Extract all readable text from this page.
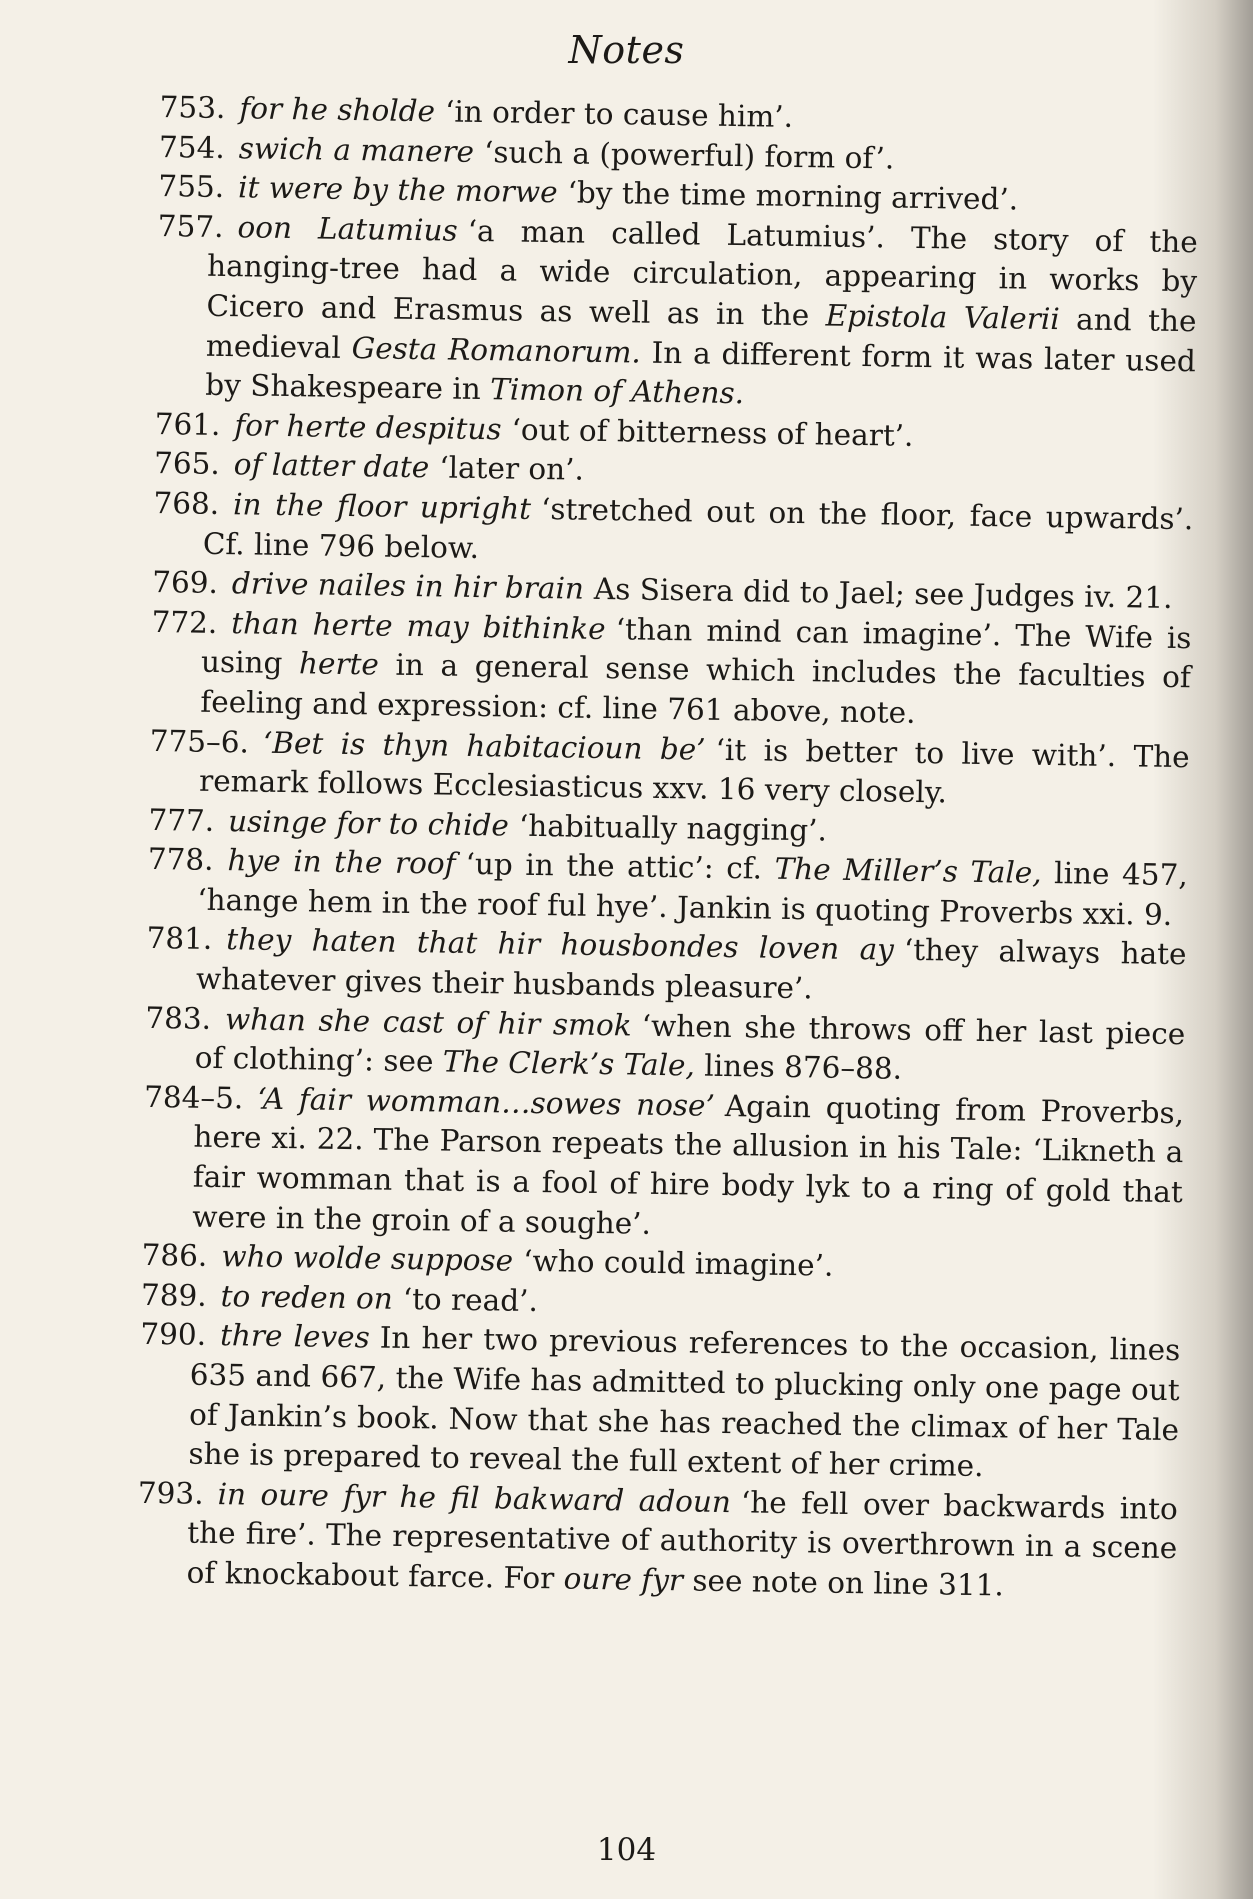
Notes

753. for he sholde ‘in order to cause him’.

754. swich a manere ‘such a (powerful) form of’.

755. it were by the morwe ‘by the time morning arrived’.

757. oon Latumius ‘a man called Latumius’. The story of the hanging-tree had a wide circulation, appearing in works by Cicero and Erasmus as well as in the Epistola Valerii and the medieval Gesta Romanorum. In a different form it was later used by Shakespeare in Timon of Athens.

761. for herte despitus ‘out of bitterness of heart’.

765. of latter date ‘later on’.

768. in the floor upright ‘stretched out on the floor, face upwards’. Cf. line 796 below.

769. drive nailes in hir brain As Sisera did to Jael; see Judges iv. 21.

772. than herte may bithinke ‘than mind can imagine’. The Wife is using herte in a general sense which includes the faculties of feeling and expression: cf. line 761 above, note.

775–6. ‘Bet is thyn habitacioun be’ ‘it is better to live with’. The remark follows Ecclesiasticus xxv. 16 very closely.

777. usinge for to chide ‘habitually nagging’.

778. hye in the roof ‘up in the attic’: cf. The Miller’s Tale, line 457, ‘hange hem in the roof ful hye’. Jankin is quoting Proverbs xxi. 9.

781. they haten that hir housbondes loven ay ‘they always hate whatever gives their husbands pleasure’.

783. whan she cast of hir smok ‘when she throws off her last piece of clothing’: see The Clerk’s Tale, lines 876–88.

784–5. ‘A fair womman…sowes nose’ Again quoting from Proverbs, here xi. 22. The Parson repeats the allusion in his Tale: ‘Likneth a fair womman that is a fool of hire body lyk to a ring of gold that were in the groin of a soughe’.

786. who wolde suppose ‘who could imagine’.

789. to reden on ‘to read’.

790. thre leves In her two previous references to the occasion, lines 635 and 667, the Wife has admitted to plucking only one page out of Jankin’s book. Now that she has reached the climax of her Tale she is prepared to reveal the full extent of her crime.

793. in oure fyr he fil bakward adoun ‘he fell over backwards into the fire’. The representative of authority is overthrown in a scene of knockabout farce. For oure fyr see note on line 311.

104
